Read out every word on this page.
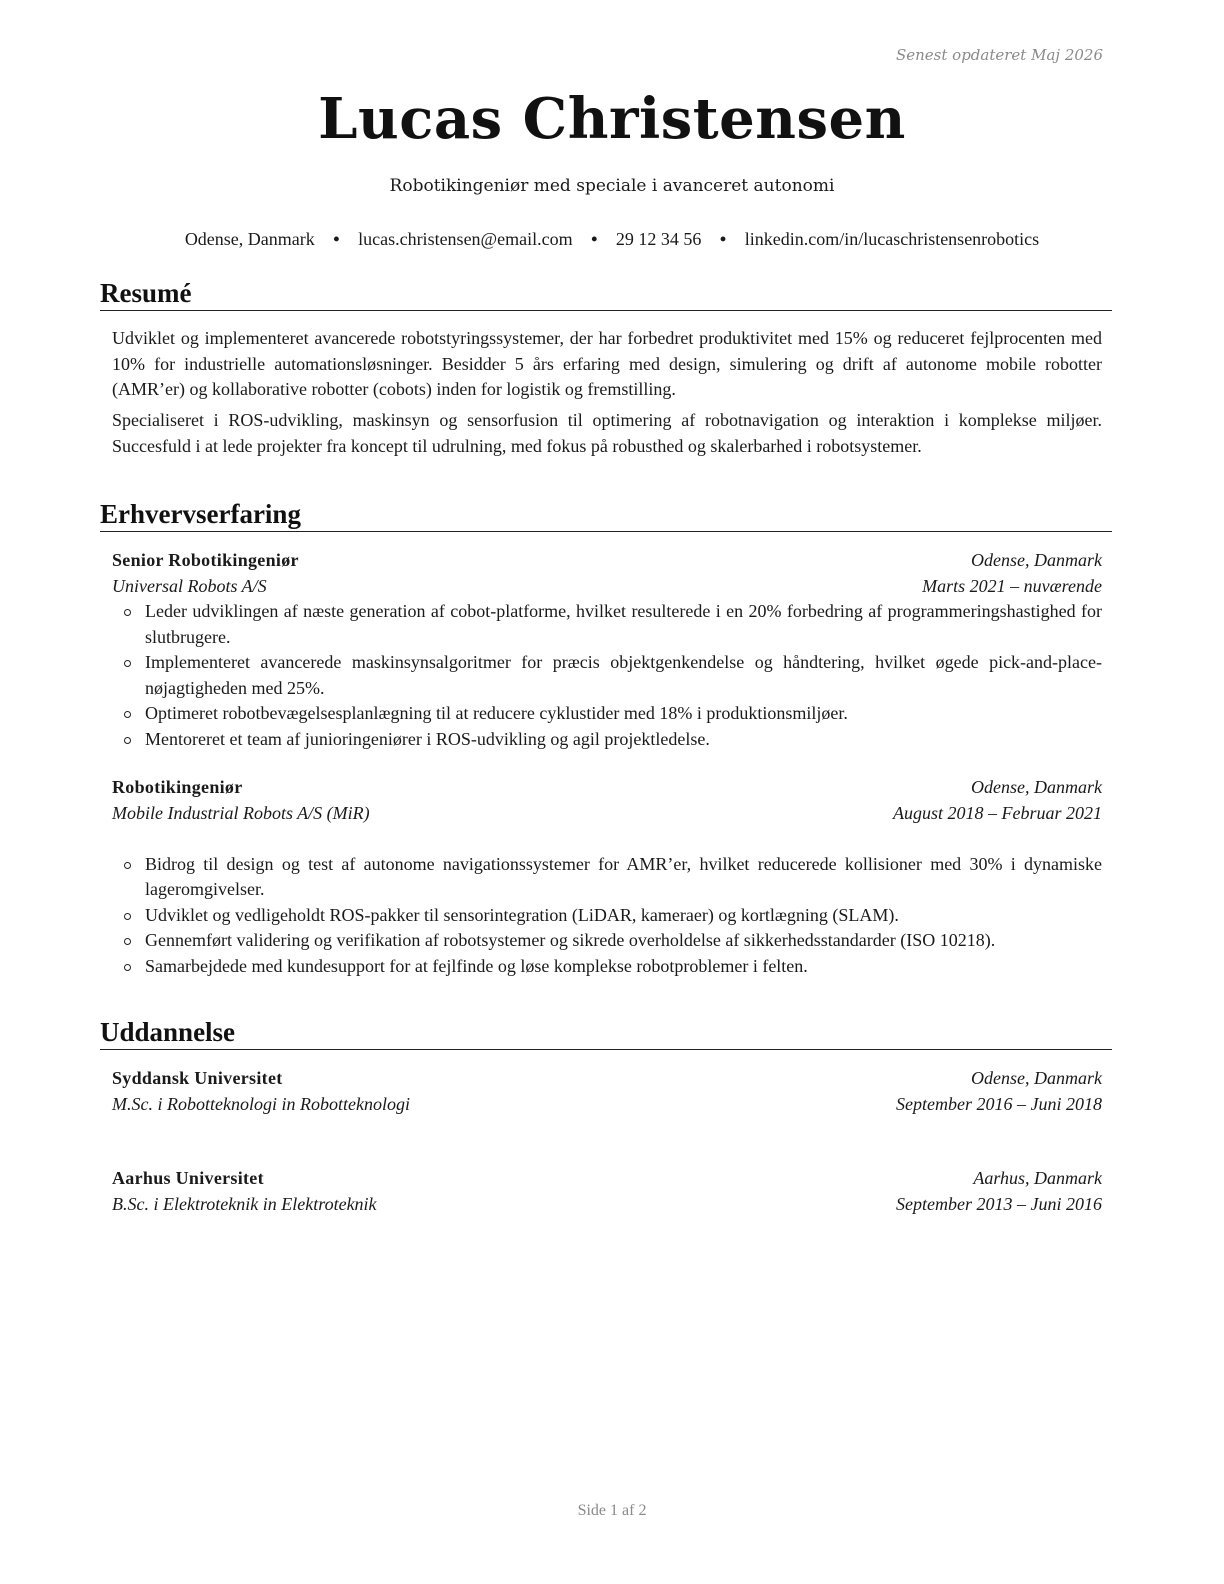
Senest opdateret Maj 2026
Lucas Christensen
Robotikingeniør med speciale i avanceret autonomi
Odense, Danmark • lucas.christensen@email.com • 29 12 34 56 • linkedin.com/in/lucaschristensenrobotics
Resumé
Udviklet og implementeret avancerede robotstyringssystemer, der har forbedret produktivitet med 15% og reduceret fejlprocenten med 10% for industrielle automationsløsninger. Besidder 5 års erfaring med design, simulering og drift af autonome mobile robotter (AMR’er) og kollaborative robotter (cobots) inden for logistik og fremstilling.
Specialiseret i ROS-udvikling, maskinsyn og sensorfusion til optimering af robotnavigation og interaktion i komplekse miljøer. Succesfuld i at lede projekter fra koncept til udrulning, med fokus på robusthed og skalerbarhed i robotsystemer.
Erhvervserfaring
Senior Robotikingeniør	Odense, Danmark
Universal Robots A/S	Marts 2021 – nuværende
Leder udviklingen af næste generation af cobot-platforme, hvilket resulterede i en 20% forbedring af programmeringshastighed for slutbrugere.
Implementeret avancerede maskinsynsalgoritmer for præcis objektgenkendelse og håndtering, hvilket øgede pick-and-place-nøjagtigheden med 25%.
Optimeret robotbevægelsesplanlægning til at reducere cyklustider med 18% i produktionsmiljøer.
Mentoreret et team af junioringeniører i ROS-udvikling og agil projektledelse.
Robotikingeniør	Odense, Danmark
Mobile Industrial Robots A/S (MiR)	August 2018 – Februar 2021
Bidrog til design og test af autonome navigationssystemer for AMR’er, hvilket reducerede kollisioner med 30% i dynamiske lageromgivelser.
Udviklet og vedligeholdt ROS-pakker til sensorintegration (LiDAR, kameraer) og kortlægning (SLAM).
Gennemført validering og verifikation af robotsystemer og sikrede overholdelse af sikkerhedsstandarder (ISO 10218).
Samarbejdede med kundesupport for at fejlfinde og løse komplekse robotproblemer i felten.
Uddannelse
Syddansk Universitet	Odense, Danmark
M.Sc. i Robotteknologi in Robotteknologi	September 2016 – Juni 2018
Aarhus Universitet	Aarhus, Danmark
B.Sc. i Elektroteknik in Elektroteknik	September 2013 – Juni 2016
Side 1 af 2
